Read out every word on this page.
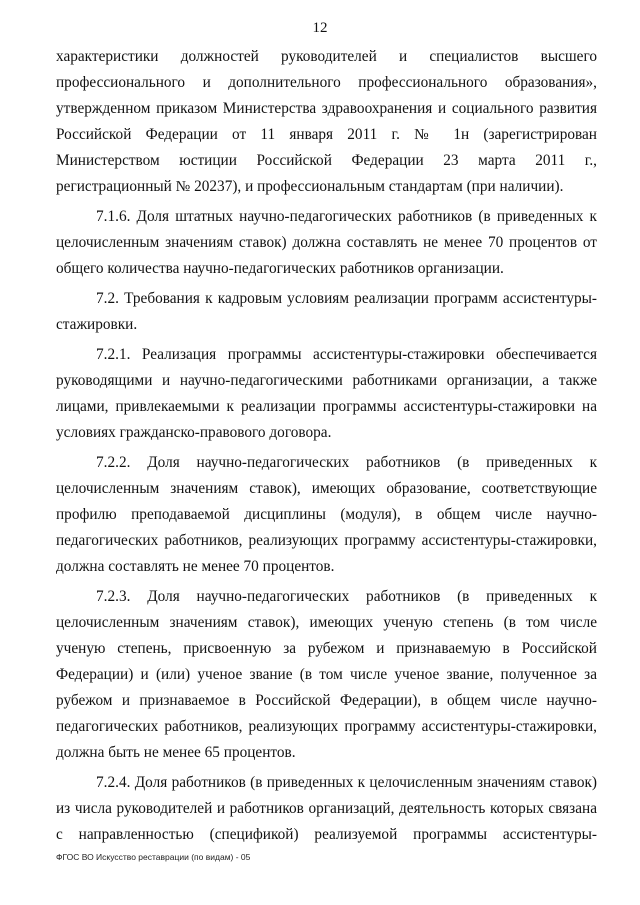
12

характеристики должностей руководителей и специалистов высшего профессионального и дополнительного профессионального образования», утвержденном приказом Министерства здравоохранения и социального развития Российской Федерации от 11 января 2011 г. № 1н (зарегистрирован Министерством юстиции Российской Федерации 23 марта 2011 г., регистрационный № 20237), и профессиональным стандартам (при наличии).

7.1.6. Доля штатных научно-педагогических работников (в приведенных к целочисленным значениям ставок) должна составлять не менее 70 процентов от общего количества научно-педагогических работников организации.

7.2. Требования к кадровым условиям реализации программ ассистентуры-стажировки.

7.2.1. Реализация программы ассистентуры-стажировки обеспечивается руководящими и научно-педагогическими работниками организации, а также лицами, привлекаемыми к реализации программы ассистентуры-стажировки на условиях гражданско-правового договора.

7.2.2. Доля научно-педагогических работников (в приведенных к целочисленным значениям ставок), имеющих образование, соответствующие профилю преподаваемой дисциплины (модуля), в общем числе научно-педагогических работников, реализующих программу ассистентуры-стажировки, должна составлять не менее 70 процентов.

7.2.3. Доля научно-педагогических работников (в приведенных к целочисленным значениям ставок), имеющих ученую степень (в том числе ученую степень, присвоенную за рубежом и признаваемую в Российской Федерации) и (или) ученое звание (в том числе ученое звание, полученное за рубежом и признаваемое в Российской Федерации), в общем числе научно-педагогических работников, реализующих программу ассистентуры-стажировки, должна быть не менее 65 процентов.

7.2.4. Доля работников (в приведенных к целочисленным значениям ставок) из числа руководителей и работников организаций, деятельность которых связана с направленностью (спецификой) реализуемой программы ассистентуры-

ФГОС ВО Искусство реставрации (по видам) - 05
